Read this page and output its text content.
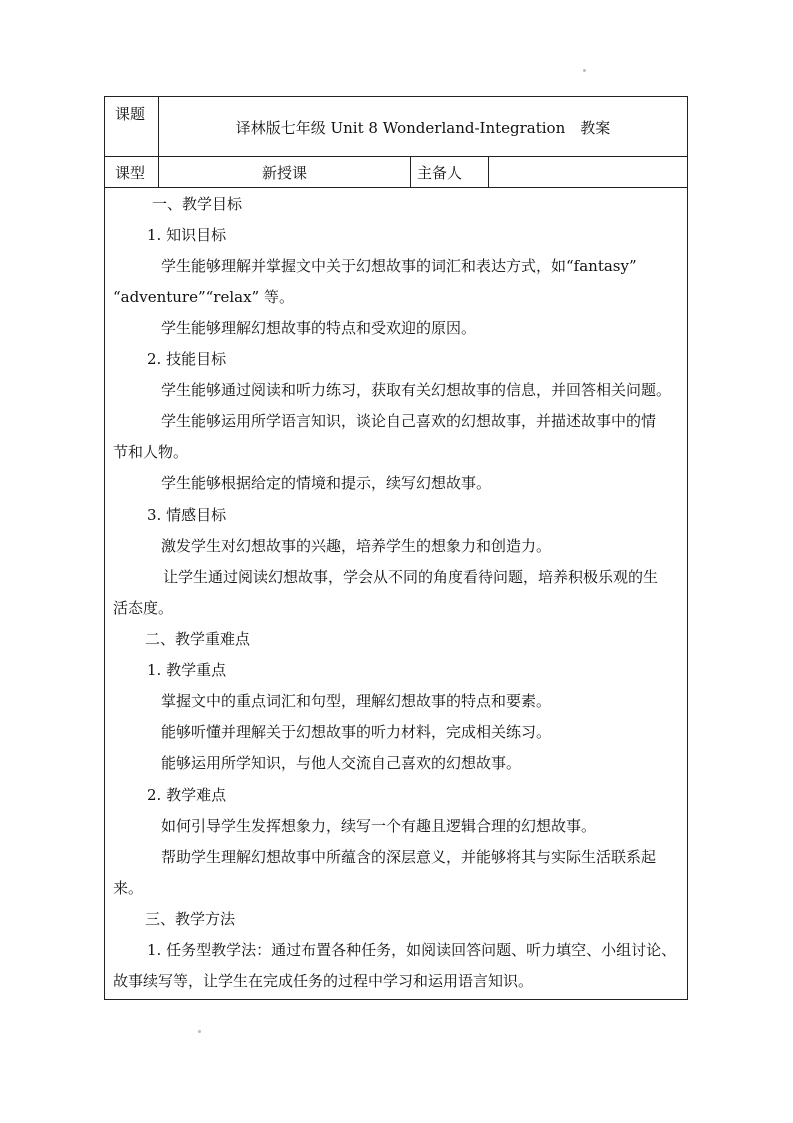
课题
译林版七年级 Unit 8 Wonderland-Integration　教案
课型	新授课	主备人
一、教学目标
1. 知识目标
学生能够理解并掌握文中关于幻想故事的词汇和表达方式，如“fantasy”
“adventure”“relax” 等。
学生能够理解幻想故事的特点和受欢迎的原因。
2. 技能目标
学生能够通过阅读和听力练习，获取有关幻想故事的信息，并回答相关问题。
学生能够运用所学语言知识，谈论自己喜欢的幻想故事，并描述故事中的情
节和人物。
学生能够根据给定的情境和提示，续写幻想故事。
3. 情感目标
激发学生对幻想故事的兴趣，培养学生的想象力和创造力。
让学生通过阅读幻想故事，学会从不同的角度看待问题，培养积极乐观的生
活态度。
二、教学重难点
1. 教学重点
掌握文中的重点词汇和句型，理解幻想故事的特点和要素。
能够听懂并理解关于幻想故事的听力材料，完成相关练习。
能够运用所学知识，与他人交流自己喜欢的幻想故事。
2. 教学难点
如何引导学生发挥想象力，续写一个有趣且逻辑合理的幻想故事。
帮助学生理解幻想故事中所蕴含的深层意义，并能够将其与实际生活联系起
来。
三、教学方法
1. 任务型教学法：通过布置各种任务，如阅读回答问题、听力填空、小组讨论、
故事续写等，让学生在完成任务的过程中学习和运用语言知识。
